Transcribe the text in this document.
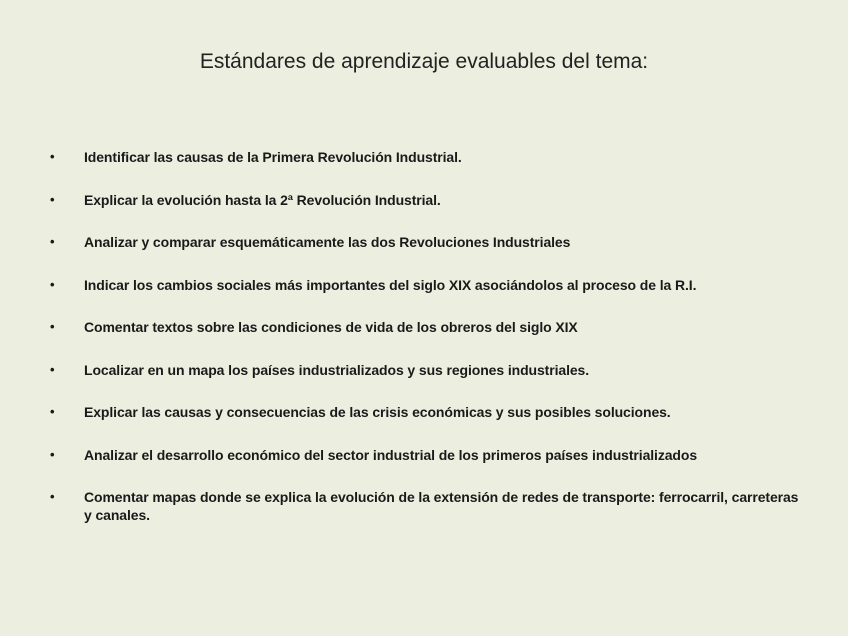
Estándares de aprendizaje evaluables del tema:
•	Identificar las causas de la Primera Revolución Industrial.
•	Explicar la evolución hasta la 2ª Revolución Industrial.
•	Analizar y comparar esquemáticamente las dos Revoluciones Industriales
•	Indicar los cambios sociales más importantes del siglo XIX asociándolos al proceso de la R.I.
•	Comentar textos sobre las condiciones de vida de los obreros del siglo XIX
•	Localizar en un mapa los países industrializados y sus regiones industriales.
•	Explicar las causas y consecuencias de las crisis económicas y sus posibles soluciones.
•	Analizar el desarrollo económico del sector industrial de los primeros países industrializados
•	Comentar mapas donde se explica la evolución de la extensión de redes de transporte: ferrocarril, carreteras y canales.
